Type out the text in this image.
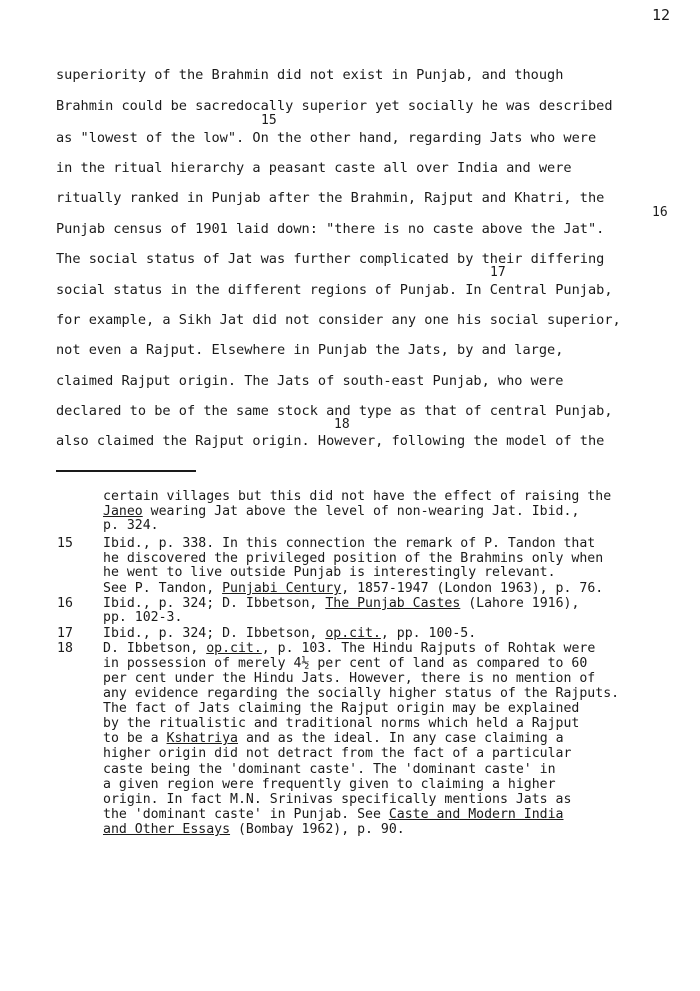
12
superiority of the Brahmin did not exist in Punjab, and though
Brahmin could be sacredocally superior yet socially he was described
as "lowest of the low". On the other hand, regarding Jats who were
in the ritual hierarchy a peasant caste all over India and were
ritually ranked in Punjab after the Brahmin, Rajput and Khatri, the
Punjab census of 1901 laid down: "there is no caste above the Jat".
The social status of Jat was further complicated by their differing
social status in the different regions of Punjab. In Central Punjab,
for example, a Sikh Jat did not consider any one his social superior,
not even a Rajput. Elsewhere in Punjab the Jats, by and large,
claimed Rajput origin. The Jats of south-east Punjab, who were
declared to be of the same stock and type as that of central Punjab,
also claimed the Rajput origin. However, following the model of the
15
16
17
18
15
16
17
18
certain villages but this did not have the effect of raising the
Janeo wearing Jat above the level of non-wearing Jat. Ibid.,
p. 324.
Ibid., p. 338. In this connection the remark of P. Tandon that
he discovered the privileged position of the Brahmins only when
he went to live outside Punjab is interestingly relevant.
See P. Tandon, Punjabi Century, 1857-1947 (London 1963), p. 76.
Ibid., p. 324; D. Ibbetson, The Punjab Castes (Lahore 1916),
pp. 102-3.
Ibid., p. 324; D. Ibbetson, op.cit., pp. 100-5.
D. Ibbetson, op.cit., p. 103. The Hindu Rajputs of Rohtak were
in possession of merely 4½ per cent of land as compared to 60
per cent under the Hindu Jats. However, there is no mention of
any evidence regarding the socially higher status of the Rajputs.
The fact of Jats claiming the Rajput origin may be explained
by the ritualistic and traditional norms which held a Rajput
to be a Kshatriya and as the ideal. In any case claiming a
higher origin did not detract from the fact of a particular
caste being the 'dominant caste'. The 'dominant caste' in
a given region were frequently given to claiming a higher
origin. In fact M.N. Srinivas specifically mentions Jats as
the 'dominant caste' in Punjab. See Caste and Modern India
and Other Essays (Bombay 1962), p. 90.
